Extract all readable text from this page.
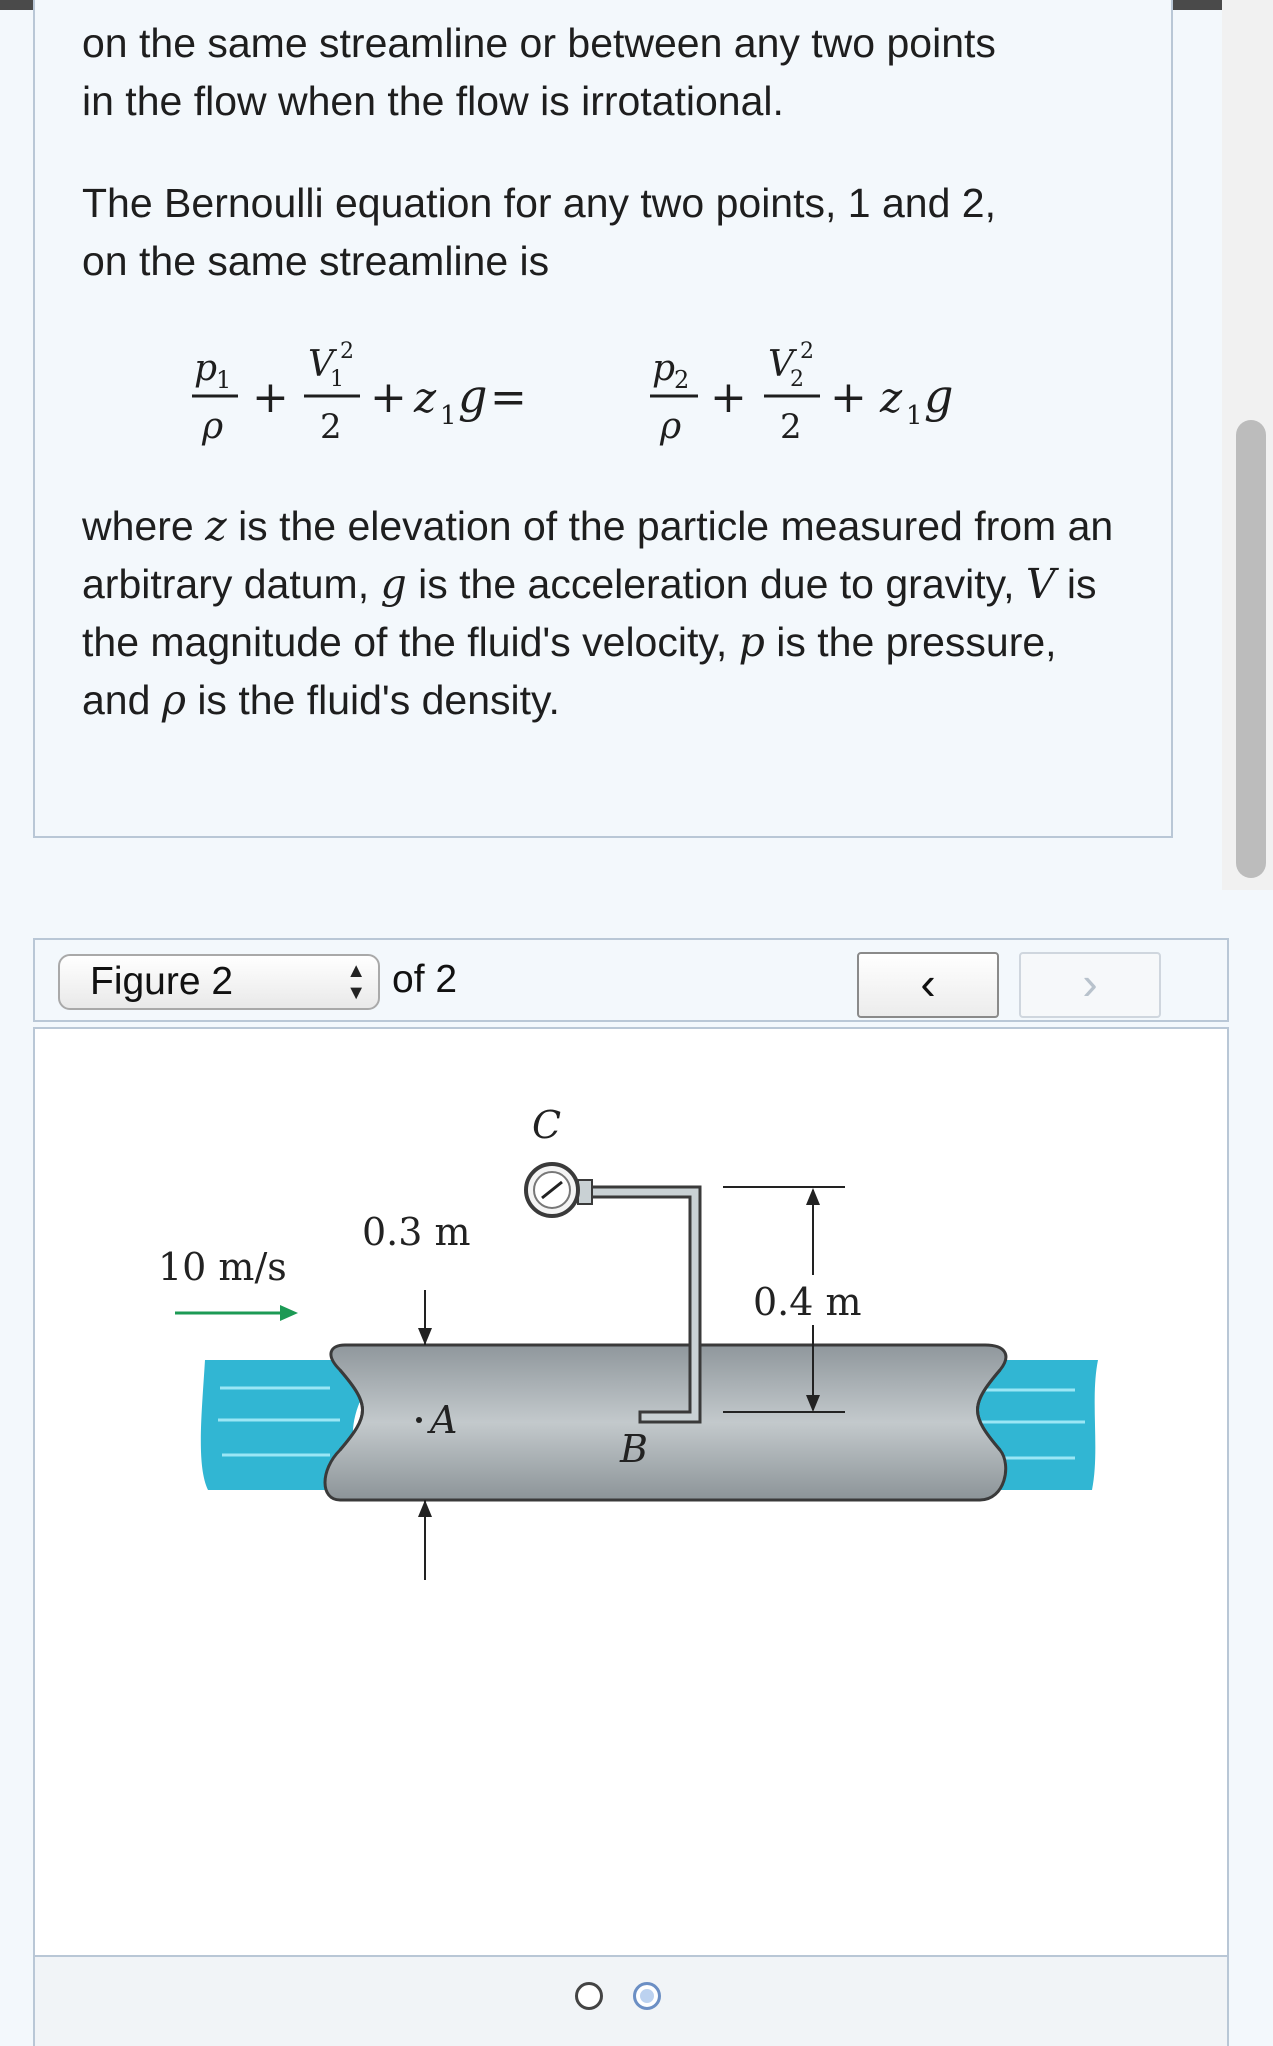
on the same streamline or between any two points
in the flow when the flow is irrotational.

The Bernoulli equation for any two points, 1 and 2,
on the same streamline is

p
1
ρ
+
V
1
2
2
+ z 1 g =
p
2
ρ
+
V
2
2
2
+ z 1 g

where z is the elevation of the particle measured from an arbitrary datum, g is the acceleration due to gravity, V is the magnitude of the fluid's velocity, p is the pressure, and ρ is the fluid's density.

Figure 2	▲
▼ of 2	‹	›
10 m/s
0.3 m
0.4 m
A
B
C
